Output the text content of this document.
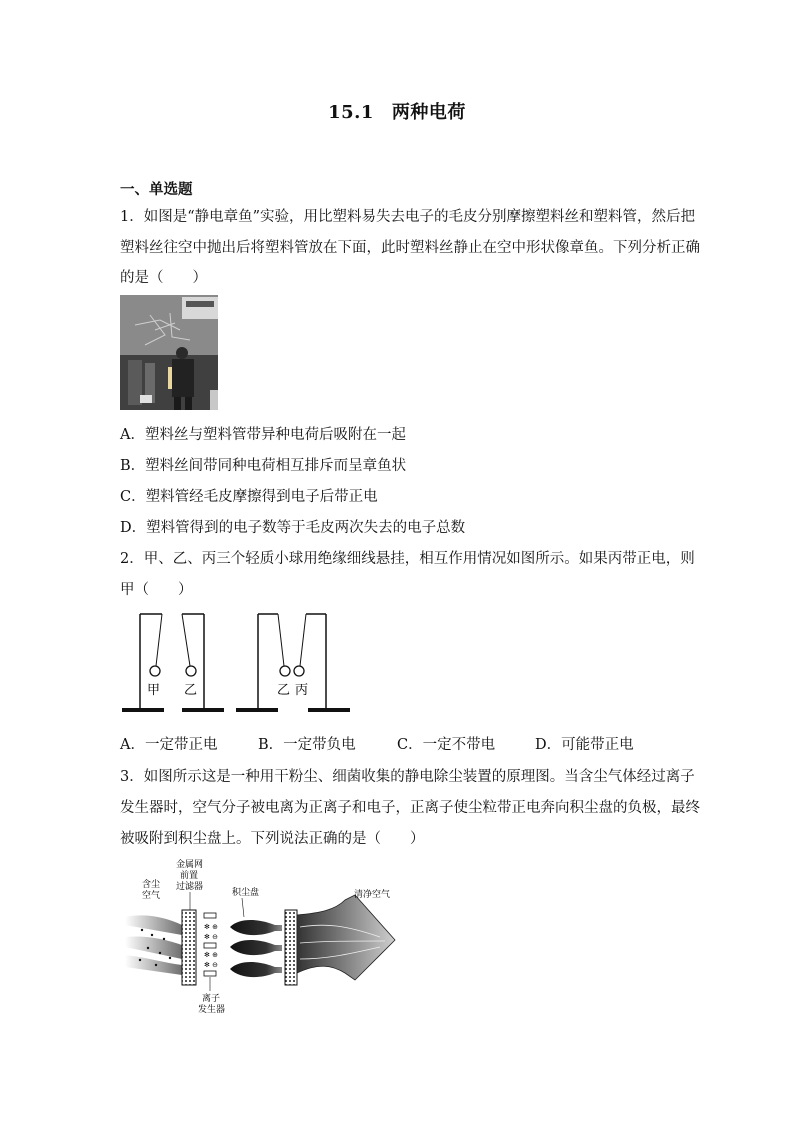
15.1 两种电荷
一、单选题
1．如图是“静电章鱼”实验，用比塑料易失去电子的毛皮分别摩擦塑料丝和塑料管，然后把
塑料丝往空中抛出后将塑料管放在下面，此时塑料丝静止在空中形状像章鱼。下列分析正确
的是（　　）
A．塑料丝与塑料管带异种电荷后吸附在一起
B．塑料丝间带同种电荷相互排斥而呈章鱼状
C．塑料管经毛皮摩擦得到电子后带正电
D．塑料管得到的电子数等于毛皮两次失去的电子总数
2．甲、乙、丙三个轻质小球用绝缘细线悬挂，相互作用情况如图所示。如果丙带正电，则
甲（　　）
甲 乙	乙 丙
A．一定带正电	B．一定带负电	C．一定不带电	D．可能带正电
3．如图所示这是一种用干粉尘、细菌收集的静电除尘装置的原理图。当含尘气体经过离子
发生器时，空气分子被电离为正离子和电子，正离子使尘粒带正电奔向积尘盘的负极，最终
被吸附到积尘盘上。下列说法正确的是（　　）
✻ ⊕
✻ ⊖
✻ ⊕
✻ ⊖
含尘
空气
金属网
前置
过滤器
积尘盘	清净空气
离子
发生器
